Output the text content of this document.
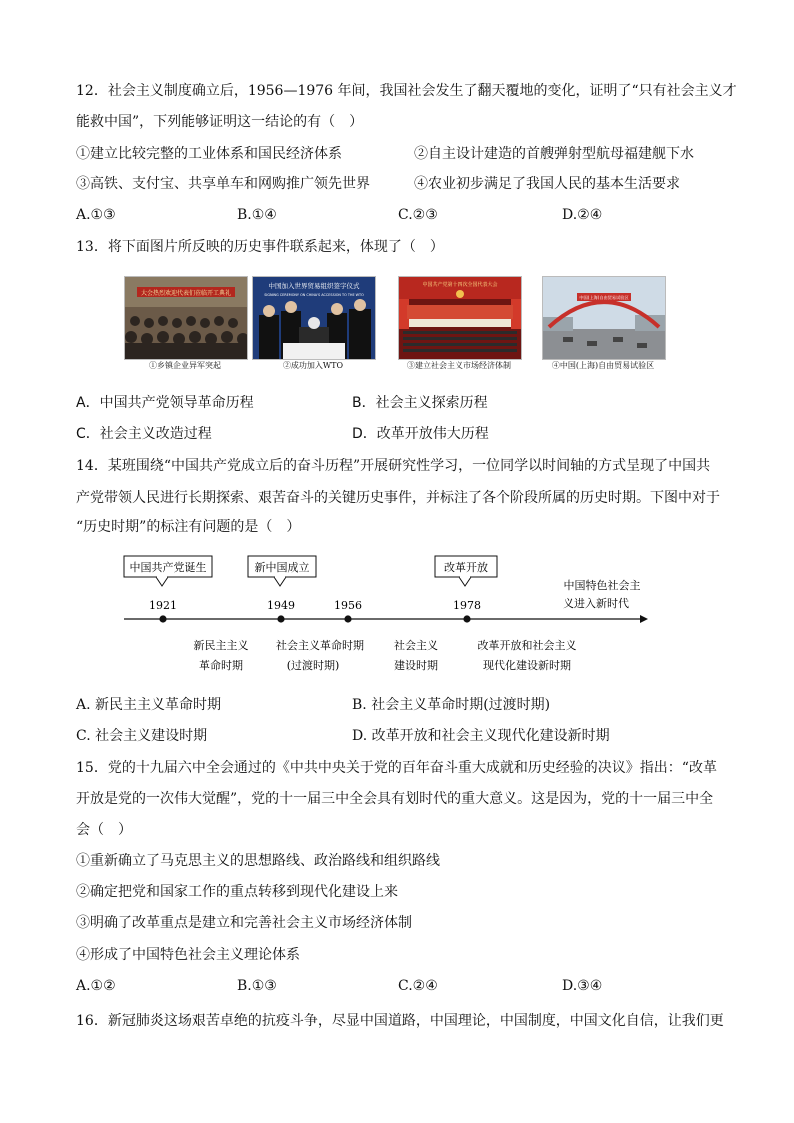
12．社会主义制度确立后，1956—1976 年间，我国社会发生了翻天覆地的变化，证明了“只有社会主义才
能救中国”，下列能够证明这一结论的有（　）
①建立比较完整的工业体系和国民经济体系	②自主设计建造的首艘弹射型航母福建舰下水
③高铁、支付宝、共享单车和网购推广领先世界	④农业初步满足了我国人民的基本生活要求
A.①③	B.①④	C.②③	D.②④
13．将下面图片所反映的历史事件联系起来，体现了（　）
大会热烈欢迎代表们莅临开工典礼
①乡镇企业异军突起
中国加入世界贸易组织签字仪式
SIGNING CEREMONY ON CHINA'S ACCESSION TO THE WTO
②成功加入WTO
中国共产党第十四次全国代表大会
③建立社会主义市场经济体制
中国(上海)自由贸易试验区
④中国(上海)自由贸易试验区
A．中国共产党领导革命历程	B．社会主义探索历程
C．社会主义改造过程	D．改革开放伟大历程
14．某班围绕“中国共产党成立后的奋斗历程”开展研究性学习，一位同学以时间轴的方式呈现了中国共
产党带领人民进行长期探索、艰苦奋斗的关键历史事件，并标注了各个阶段所属的历史时期。下图中对于
“历史时期”的标注有问题的是（　）
中国共产党诞生	新中国成立	改革开放
1921	1949	1956	1978
中国特色社会主
义进入新时代
新民主主义
革命时期
社会主义革命时期
(过渡时期)
社会主义
建设时期
改革开放和社会主义
现代化建设新时期
A. 新民主主义革命时期	B. 社会主义革命时期(过渡时期)
C. 社会主义建设时期	D. 改革开放和社会主义现代化建设新时期
15．党的十九届六中全会通过的《中共中央关于党的百年奋斗重大成就和历史经验的决议》指出：“改革
开放是党的一次伟大觉醒”，党的十一届三中全会具有划时代的重大意义。这是因为，党的十一届三中全
会（　）
①重新确立了马克思主义的思想路线、政治路线和组织路线
②确定把党和国家工作的重点转移到现代化建设上来
③明确了改革重点是建立和完善社会主义市场经济体制
④形成了中国特色社会主义理论体系
A.①②	B.①③	C.②④	D.③④
16．新冠肺炎这场艰苦卓绝的抗疫斗争，尽显中国道路，中国理论，中国制度，中国文化自信，让我们更
